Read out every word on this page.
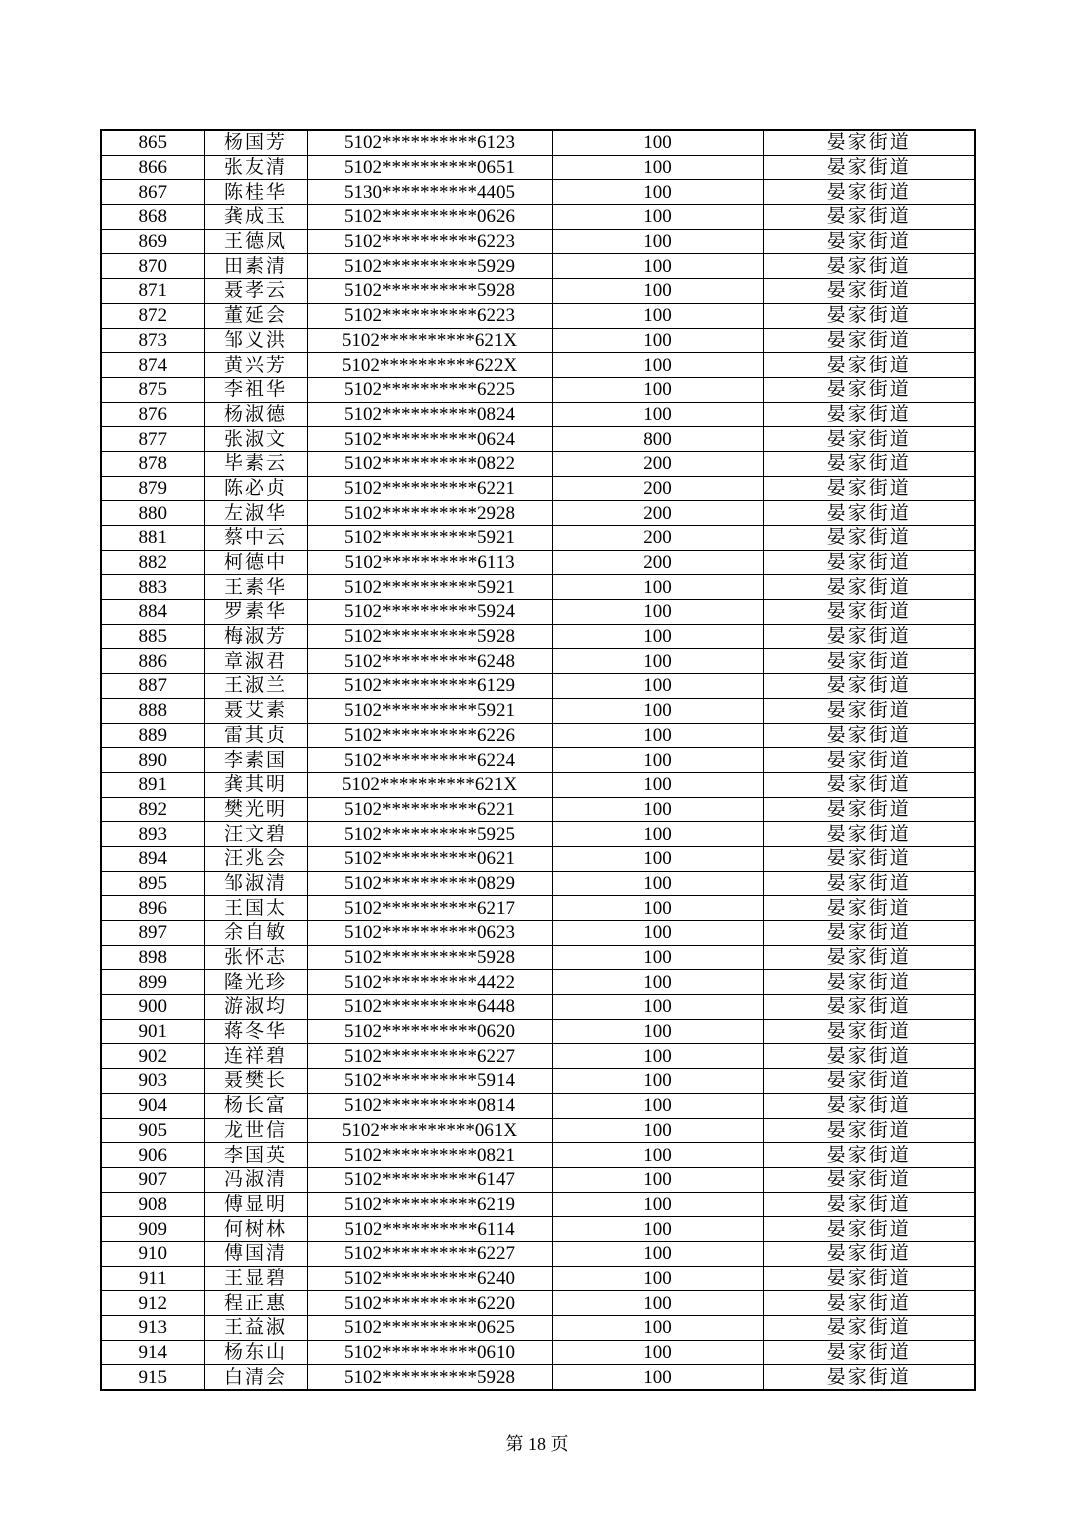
865	杨国芳	5102**********6123	100	晏家街道
866	张友清	5102**********0651	100	晏家街道
867	陈桂华	5130**********4405	100	晏家街道
868	龚成玉	5102**********0626	100	晏家街道
869	王德凤	5102**********6223	100	晏家街道
870	田素清	5102**********5929	100	晏家街道
871	聂孝云	5102**********5928	100	晏家街道
872	董延会	5102**********6223	100	晏家街道
873	邹义洪	5102**********621X	100	晏家街道
874	黄兴芳	5102**********622X	100	晏家街道
875	李祖华	5102**********6225	100	晏家街道
876	杨淑德	5102**********0824	100	晏家街道
877	张淑文	5102**********0624	800	晏家街道
878	毕素云	5102**********0822	200	晏家街道
879	陈必贞	5102**********6221	200	晏家街道
880	左淑华	5102**********2928	200	晏家街道
881	蔡中云	5102**********5921	200	晏家街道
882	柯德中	5102**********6113	200	晏家街道
883	王素华	5102**********5921	100	晏家街道
884	罗素华	5102**********5924	100	晏家街道
885	梅淑芳	5102**********5928	100	晏家街道
886	章淑君	5102**********6248	100	晏家街道
887	王淑兰	5102**********6129	100	晏家街道
888	聂艾素	5102**********5921	100	晏家街道
889	雷其贞	5102**********6226	100	晏家街道
890	李素国	5102**********6224	100	晏家街道
891	龚其明	5102**********621X	100	晏家街道
892	樊光明	5102**********6221	100	晏家街道
893	汪文碧	5102**********5925	100	晏家街道
894	汪兆会	5102**********0621	100	晏家街道
895	邹淑清	5102**********0829	100	晏家街道
896	王国太	5102**********6217	100	晏家街道
897	余自敏	5102**********0623	100	晏家街道
898	张怀志	5102**********5928	100	晏家街道
899	隆光珍	5102**********4422	100	晏家街道
900	游淑均	5102**********6448	100	晏家街道
901	蒋冬华	5102**********0620	100	晏家街道
902	连祥碧	5102**********6227	100	晏家街道
903	聂樊长	5102**********5914	100	晏家街道
904	杨长富	5102**********0814	100	晏家街道
905	龙世信	5102**********061X	100	晏家街道
906	李国英	5102**********0821	100	晏家街道
907	冯淑清	5102**********6147	100	晏家街道
908	傅显明	5102**********6219	100	晏家街道
909	何树林	5102**********6114	100	晏家街道
910	傅国清	5102**********6227	100	晏家街道
911	王显碧	5102**********6240	100	晏家街道
912	程正惠	5102**********6220	100	晏家街道
913	王益淑	5102**********0625	100	晏家街道
914	杨东山	5102**********0610	100	晏家街道
915	白清会	5102**********5928	100	晏家街道
第 18 页
